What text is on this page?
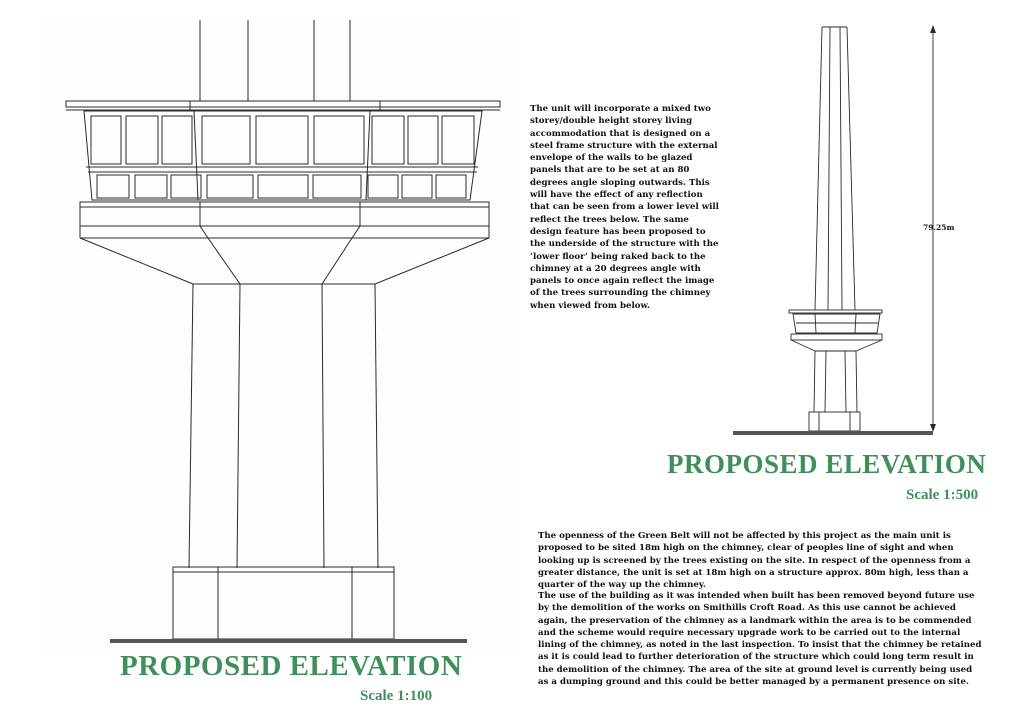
79.25m

The unit will incorporate a mixed two storey/double height storey living accommodation that is designed on a steel frame structure with the external envelope of the walls to be glazed panels that are to be set at an 80 degrees angle sloping outwards. This will have the effect of any reflection that can be seen from a lower level will reflect the trees below. The same design feature has been proposed to the underside of the structure with the ‘lower floor’ being raked back to the chimney at a 20 degrees angle with panels to once again reflect the image of the trees surrounding the chimney when viewed from below.

PROPOSED ELEVATION

Scale 1:500

The openness of the Green Belt will not be affected by this project as the main unit is proposed to be sited 18m high on the chimney, clear of peoples line of sight and when looking up is screened by the trees existing on the site. In respect of the openness from a greater distance, the unit is set at 18m high on a structure approx. 80m high, less than a quarter of the way up the chimney.

The use of the building as it was intended when built has been removed beyond future use by the demolition of the works on Smithills Croft Road. As this use cannot be achieved again, the preservation of the chimney as a landmark within the area is to be commended and the scheme would require necessary upgrade work to be carried out to the internal lining of the chimney, as noted in the last inspection. To insist that the chimney be retained as it is could lead to further deterioration of the structure which could long term result in the demolition of the chimney. The area of the site at ground level is currently being used as a dumping ground and this could be better managed by a permanent presence on site.

PROPOSED ELEVATION

Scale 1:100
